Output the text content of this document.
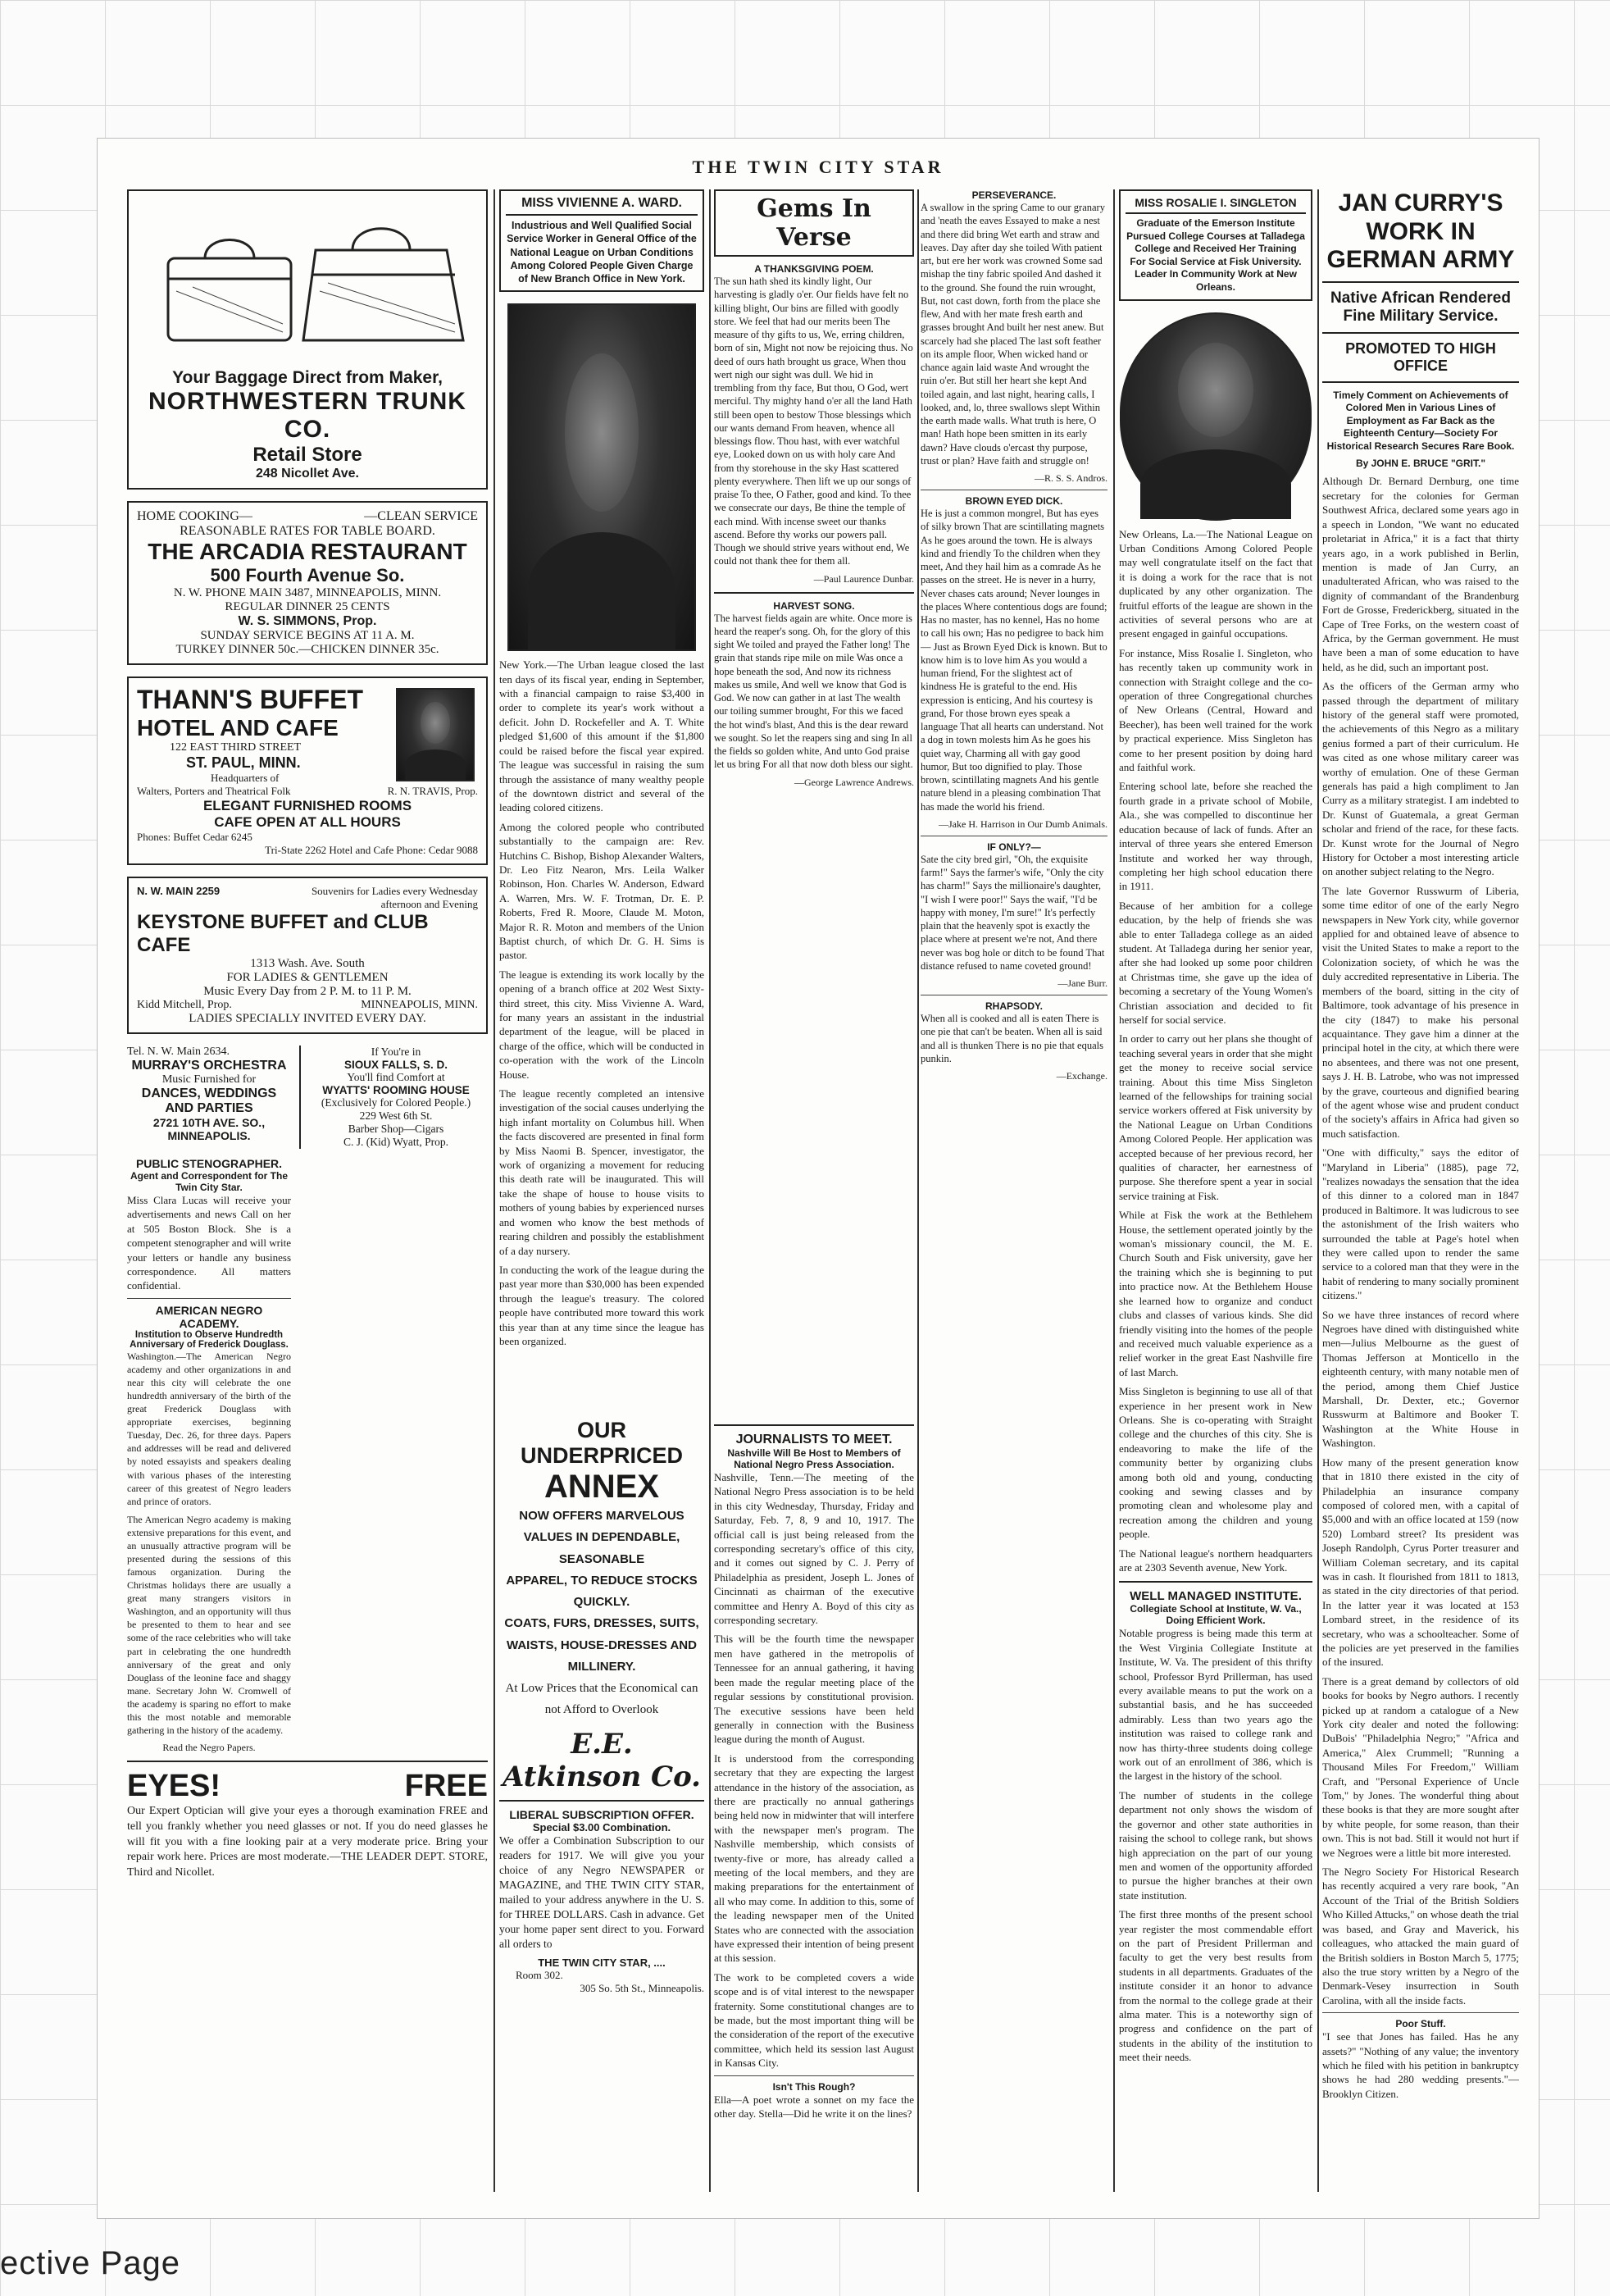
THE TWIN CITY STAR
Your Baggage Direct from Maker,
NORTHWESTERN TRUNK CO.
Retail Store
248 Nicollet Ave.
HOME COOKING—	—CLEAN SERVICE
REASONABLE RATES FOR TABLE BOARD.
THE ARCADIA RESTAURANT
500 Fourth Avenue So.
N. W. PHONE MAIN 3487, MINNEAPOLIS, MINN.
REGULAR DINNER 25 CENTS
W. S. SIMMONS, Prop.
SUNDAY SERVICE BEGINS AT 11 A. M.
TURKEY DINNER 50c.—CHICKEN DINNER 35c.
THANN'S BUFFET
HOTEL AND CAFE
122 EAST THIRD STREET
ST. PAUL, MINN.
Headquarters of
Walters, Porters and Theatrical Folk	R. N. TRAVIS, Prop.
ELEGANT FURNISHED ROOMS
CAFE OPEN AT ALL HOURS
Phones: Buffet Cedar 6245
Tri-State 2262 Hotel and Cafe Phone: Cedar 9088
N. W. MAIN 2259	Souvenirs for Ladies every Wednesday afternoon and Evening
KEYSTONE BUFFET and CLUB CAFE
1313 Wash. Ave. South
FOR LADIES & GENTLEMEN
Music Every Day from 2 P. M. to 11 P. M.
Kidd Mitchell, Prop.	MINNEAPOLIS, MINN.
LADIES SPECIALLY INVITED EVERY DAY.
Tel. N. W. Main 2634.
MURRAY'S ORCHESTRA
Music Furnished for
DANCES, WEDDINGS AND PARTIES
2721 10TH AVE. SO., MINNEAPOLIS.
If You're in
SIOUX FALLS, S. D.
You'll find Comfort at
WYATTS' ROOMING HOUSE
(Exclusively for Colored People.)
229 West 6th St.
Barber Shop—Cigars
C. J. (Kid) Wyatt, Prop.
PUBLIC STENOGRAPHER.
Agent and Correspondent for The Twin City Star.

Miss Clara Lucas will receive your advertisements and news Call on her at 505 Boston Block. She is a competent stenographer and will write your letters or handle any business correspondence. All matters confidential.

AMERICAN NEGRO ACADEMY.
Institution to Observe Hundredth Anniversary of Frederick Douglass.

Washington.—The American Negro academy and other organizations in and near this city will celebrate the one hundredth anniversary of the birth of the great Frederick Douglass with appropriate exercises, beginning Tuesday, Dec. 26, for three days. Papers and addresses will be read and delivered by noted essayists and speakers dealing with various phases of the interesting career of this greatest of Negro leaders and prince of orators.

The American Negro academy is making extensive preparations for this event, and an unusually attractive program will be presented during the sessions of this famous organization. During the Christmas holidays there are usually a great many strangers visitors in Washington, and an opportunity will thus be presented to them to hear and see some of the race celebrities who will take part in celebrating the one hundredth anniversary of the great and only Douglass of the leonine face and shaggy mane. Secretary John W. Cromwell of the academy is sparing no effort to make this the most notable and memorable gathering in the history of the academy.

Read the Negro Papers.
EYES!	FREE

Our Expert Optician will give your eyes a thorough examination FREE and tell you frankly whether you need glasses or not. If you do need glasses he will fit you with a fine looking pair at a very moderate price. Bring your repair work here. Prices are most moderate.—THE LEADER DEPT. STORE, Third and Nicollet.

MISS VIVIENNE A. WARD.
Industrious and Well Qualified Social Service Worker in General Office of the National League on Urban Conditions Among Colored People Given Charge of New Branch Office in New York.

New York.—The Urban league closed the last ten days of its fiscal year, ending in September, with a financial campaign to raise $3,400 in order to complete its year's work without a deficit. John D. Rockefeller and A. T. White pledged $1,600 of this amount if the $1,800 could be raised before the fiscal year expired. The league was successful in raising the sum through the assistance of many wealthy people of the downtown district and several of the leading colored citizens.

Among the colored people who contributed substantially to the campaign are: Rev. Hutchins C. Bishop, Bishop Alexander Walters, Dr. Leo Fitz Nearon, Mrs. Leila Walker Robinson, Hon. Charles W. Anderson, Edward A. Warren, Mrs. W. F. Trotman, Dr. E. P. Roberts, Fred R. Moore, Claude M. Moton, Major R. R. Moton and members of the Union Baptist church, of which Dr. G. H. Sims is pastor.

The league is extending its work locally by the opening of a branch office at 202 West Sixty-third street, this city. Miss Vivienne A. Ward, for many years an assistant in the industrial department of the league, will be placed in charge of the office, which will be conducted in co-operation with the work of the Lincoln House.

The league recently completed an intensive investigation of the social causes underlying the high infant mortality on Columbus hill. When the facts discovered are presented in final form by Miss Naomi B. Spencer, investigator, the work of organizing a movement for reducing this death rate will be inaugurated. This will take the shape of house to house visits to mothers of young babies by experienced nurses and women who know the best methods of rearing children and possibly the establishment of a day nursery.

In conducting the work of the league during the past year more than $30,000 has been expended through the league's treasury. The colored people have contributed more toward this work this year than at any time since the league has been organized.

JOURNALISTS TO MEET.
Nashville Will Be Host to Members of National Negro Press Association.

Nashville, Tenn.—The meeting of the National Negro Press association is to be held in this city Wednesday, Thursday, Friday and Saturday, Feb. 7, 8, 9 and 10, 1917. The official call is just being released from the corresponding secretary's office of this city, and it comes out signed by C. J. Perry of Philadelphia as president, Joseph L. Jones of Cincinnati as chairman of the executive committee and Henry A. Boyd of this city as corresponding secretary.

This will be the fourth time the newspaper men have gathered in the metropolis of Tennessee for an annual gathering, it having been made the regular meeting place of the regular sessions by constitutional provision. The executive sessions have been held generally in connection with the Business league during the month of August.

It is understood from the corresponding secretary that they are expecting the largest attendance in the history of the association, as there are practically no annual gatherings being held now in midwinter that will interfere with the newspaper men's program. The Nashville membership, which consists of twenty-five or more, has already called a meeting of the local members, and they are making preparations for the entertainment of all who may come. In addition to this, some of the leading newspaper men of the United States who are connected with the association have expressed their intention of being present at this session.

The work to be completed covers a wide scope and is of vital interest to the newspaper fraternity. Some constitutional changes are to be made, but the most important thing will be the consideration of the report of the executive committee, which held its session last August in Kansas City.

Isn't This Rough?

Ella—A poet wrote a sonnet on my face the other day. Stella—Did he write it on the lines?

OUR UNDERPRICED
ANNEX
NOW OFFERS MARVELOUS
VALUES IN DEPENDABLE, SEASONABLE
APPAREL, TO REDUCE STOCKS QUICKLY.
COATS, FURS, DRESSES, SUITS,
WAISTS, HOUSE-DRESSES AND MILLINERY.
At Low Prices that the Economical can not Afford to Overlook
E.E. Atkinson Co.
LIBERAL SUBSCRIPTION OFFER.
Special $3.00 Combination.

We offer a Combination Subscription to our readers for 1917. We will give you your choice of any Negro NEWSPAPER or MAGAZINE, and THE TWIN CITY STAR, mailed to your address anywhere in the U. S. for THREE DOLLARS. Cash in advance. Get your home paper sent direct to you. Forward all orders to

THE TWIN CITY STAR, ....
Room 302.
305 So. 5th St., Minneapolis.
Gems In Verse
A THANKSGIVING POEM.

The sun hath shed its kindly light, Our harvesting is gladly o'er. Our fields have felt no killing blight, Our bins are filled with goodly store. We feel that had our merits been The measure of thy gifts to us, We, erring children, born of sin, Might not now be rejoicing thus. No deed of ours hath brought us grace, When thou wert nigh our sight was dull. We hid in trembling from thy face, But thou, O God, wert merciful. Thy mighty hand o'er all the land Hath still been open to bestow Those blessings which our wants demand From heaven, whence all blessings flow. Thou hast, with ever watchful eye, Looked down on us with holy care And from thy storehouse in the sky Hast scattered plenty everywhere. Then lift we up our songs of praise To thee, O Father, good and kind. To thee we consecrate our days, Be thine the temple of each mind. With incense sweet our thanks ascend. Before thy works our powers pall. Though we should strive years without end, We could not thank thee for them all.

—Paul Laurence Dunbar.
HARVEST SONG.

The harvest fields again are white. Once more is heard the reaper's song. Oh, for the glory of this sight We toiled and prayed the Father long! The grain that stands ripe mile on mile Was once a hope beneath the sod, And now its richness makes us smile, And well we know that God is God. We now can gather in at last The wealth our toiling summer brought, For this we faced the hot wind's blast, And this is the dear reward we sought. So let the reapers sing and sing In all the fields so golden white, And unto God praise let us bring For all that now doth bless our sight.

—George Lawrence Andrews.
PERSEVERANCE.

A swallow in the spring Came to our granary and 'neath the eaves Essayed to make a nest and there did bring Wet earth and straw and leaves. Day after day she toiled With patient art, but ere her work was crowned Some sad mishap the tiny fabric spoiled And dashed it to the ground. She found the ruin wrought, But, not cast down, forth from the place she flew, And with her mate fresh earth and grasses brought And built her nest anew. But scarcely had she placed The last soft feather on its ample floor, When wicked hand or chance again laid waste And wrought the ruin o'er. But still her heart she kept And toiled again, and last night, hearing calls, I looked, and, lo, three swallows slept Within the earth made walls. What truth is here, O man! Hath hope been smitten in its early dawn? Have clouds o'ercast thy purpose, trust or plan? Have faith and struggle on!

—R. S. S. Andros.
BROWN EYED DICK.

He is just a common mongrel, But has eyes of silky brown That are scintillating magnets As he goes around the town. He is always kind and friendly To the children when they meet, And they hail him as a comrade As he passes on the street. He is never in a hurry, Never chases cats around; Never lounges in the places Where contentious dogs are found; Has no master, has no kennel, Has no home to call his own; Has no pedigree to back him— Just as Brown Eyed Dick is known. But to know him is to love him As you would a human friend, For the slightest act of kindness He is grateful to the end. His expression is enticing, And his courtesy is grand, For those brown eyes speak a language That all hearts can understand. Not a dog in town molests him As he goes his quiet way, Charming all with gay good humor, But too dignified to play. Those brown, scintillating magnets And his gentle nature blend in a pleasing combination That has made the world his friend.

—Jake H. Harrison in Our Dumb Animals.
IF ONLY?—

Sate the city bred girl, "Oh, the exquisite farm!" Says the farmer's wife, "Only the city has charm!" Says the millionaire's daughter, "I wish I were poor!" Says the waif, "I'd be happy with money, I'm sure!" It's perfectly plain that the heavenly spot is exactly the place where at present we're not, And there never was bog hole or ditch to be found That distance refused to name coveted ground!

—Jane Burr.
RHAPSODY.

When all is cooked and all is eaten There is one pie that can't be beaten. When all is said and all is thunken There is no pie that equals punkin.

—Exchange.
MISS ROSALIE I. SINGLETON
Graduate of the Emerson Institute Pursued College Courses at Talladega College and Received Her Training For Social Service at Fisk University. Leader In Community Work at New Orleans.

New Orleans, La.—The National League on Urban Conditions Among Colored People may well congratulate itself on the fact that it is doing a work for the race that is not duplicated by any other organization. The fruitful efforts of the league are shown in the activities of several persons who are at present engaged in gainful occupations.

For instance, Miss Rosalie I. Singleton, who has recently taken up community work in connection with Straight college and the co-operation of three Congregational churches of New Orleans (Central, Howard and Beecher), has been well trained for the work by practical experience. Miss Singleton has come to her present position by doing hard and faithful work.

Entering school late, before she reached the fourth grade in a private school of Mobile, Ala., she was compelled to discontinue her education because of lack of funds. After an interval of three years she entered Emerson Institute and worked her way through, completing her high school education there in 1911.

Because of her ambition for a college education, by the help of friends she was able to enter Talladega college as an aided student. At Talladega during her senior year, after she had looked up some poor children at Christmas time, she gave up the idea of becoming a secretary of the Young Women's Christian association and decided to fit herself for social service.

In order to carry out her plans she thought of teaching several years in order that she might get the money to receive social service training. About this time Miss Singleton learned of the fellowships for training social service workers offered at Fisk university by the National League on Urban Conditions Among Colored People. Her application was accepted because of her previous record, her qualities of character, her earnestness of purpose. She therefore spent a year in social service training at Fisk.

While at Fisk the work at the Bethlehem House, the settlement operated jointly by the woman's missionary council, the M. E. Church South and Fisk university, gave her the training which she is beginning to put into practice now. At the Bethlehem House she learned how to organize and conduct clubs and classes of various kinds. She did friendly visiting into the homes of the people and received much valuable experience as a relief worker in the great East Nashville fire of last March.

Miss Singleton is beginning to use all of that experience in her present work in New Orleans. She is co-operating with Straight college and the churches of this city. She is endeavoring to make the life of the community better by organizing clubs among both old and young, conducting cooking and sewing classes and by promoting clean and wholesome play and recreation among the children and young people.

The National league's northern headquarters are at 2303 Seventh avenue, New York.

WELL MANAGED INSTITUTE.
Collegiate School at Institute, W. Va., Doing Efficient Work.

Notable progress is being made this term at the West Virginia Collegiate Institute at Institute, W. Va. The president of this thrifty school, Professor Byrd Prillerman, has used every available means to put the work on a substantial basis, and he has succeeded admirably. Less than two years ago the institution was raised to college rank and now has thirty-three students doing college work out of an enrollment of 386, which is the largest in the history of the school.

The number of students in the college department not only shows the wisdom of the governor and other state authorities in raising the school to college rank, but shows high appreciation on the part of our young men and women of the opportunity afforded to pursue the higher branches at their own state institution.

The first three months of the present school year register the most commendable effort on the part of President Prillerman and faculty to get the very best results from students in all departments. Graduates of the institute consider it an honor to advance from the normal to the college grade at their alma mater. This is a noteworthy sign of progress and confidence on the part of students in the ability of the institution to meet their needs.

JAN CURRY'S WORK IN GERMAN ARMY
Native African Rendered Fine Military Service.
PROMOTED TO HIGH OFFICE
Timely Comment on Achievements of Colored Men in Various Lines of Employment as Far Back as the Eighteenth Century—Society For Historical Research Secures Rare Book.
By JOHN E. BRUCE "GRIT."

Although Dr. Bernard Dernburg, one time secretary for the colonies for German Southwest Africa, declared some years ago in a speech in London, "We want no educated proletariat in Africa," it is a fact that thirty years ago, in a work published in Berlin, mention is made of Jan Curry, an unadulterated African, who was raised to the dignity of commandant of the Brandenburg Fort de Grosse, Frederickberg, situated in the Cape of Tree Forks, on the western coast of Africa, by the German government. He must have been a man of some education to have held, as he did, such an important post.

As the officers of the German army who passed through the department of military history of the general staff were promoted, the achievements of this Negro as a military genius formed a part of their curriculum. He was cited as one whose military career was worthy of emulation. One of these German generals has paid a high compliment to Jan Curry as a military strategist. I am indebted to Dr. Kunst of Guatemala, a great German scholar and friend of the race, for these facts. Dr. Kunst wrote for the Journal of Negro History for October a most interesting article on another subject relating to the Negro.

The late Governor Russwurm of Liberia, some time editor of one of the early Negro newspapers in New York city, while governor applied for and obtained leave of absence to visit the United States to make a report to the Colonization society, of which he was the duly accredited representative in Liberia. The members of the board, sitting in the city of Baltimore, took advantage of his presence in the city (1847) to make his personal acquaintance. They gave him a dinner at the principal hotel in the city, at which there were no absentees, and there was not one present, says J. H. B. Latrobe, who was not impressed by the grave, courteous and dignified bearing of the agent whose wise and prudent conduct of the society's affairs in Africa had given so much satisfaction.

"One with difficulty," says the editor of "Maryland in Liberia" (1885), page 72, "realizes nowadays the sensation that the idea of this dinner to a colored man in 1847 produced in Baltimore. It was ludicrous to see the astonishment of the Irish waiters who surrounded the table at Page's hotel when they were called upon to render the same service to a colored man that they were in the habit of rendering to many socially prominent citizens."

So we have three instances of record where Negroes have dined with distinguished white men—Julius Melbourne as the guest of Thomas Jefferson at Monticello in the eighteenth century, with many notable men of the period, among them Chief Justice Marshall, Dr. Dexter, etc.; Governor Russwurm at Baltimore and Booker T. Washington at the White House in Washington.

How many of the present generation know that in 1810 there existed in the city of Philadelphia an insurance company composed of colored men, with a capital of $5,000 and with an office located at 159 (now 520) Lombard street? Its president was Joseph Randolph, Cyrus Porter treasurer and William Coleman secretary, and its capital was in cash. It flourished from 1811 to 1813, as stated in the city directories of that period. In the latter year it was located at 153 Lombard street, in the residence of its secretary, who was a schoolteacher. Some of the policies are yet preserved in the families of the insured.

There is a great demand by collectors of old books for books by Negro authors. I recently picked up at random a catalogue of a New York city dealer and noted the following: DuBois' "Philadelphia Negro;" "Africa and America," Alex Crummell; "Running a Thousand Miles For Freedom," William Craft, and "Personal Experience of Uncle Tom," by Jones. The wonderful thing about these books is that they are more sought after by white people, for some reason, than their own. This is not bad. Still it would not hurt if we Negroes were a little bit more interested.

The Negro Society For Historical Research has recently acquired a very rare book, "An Account of the Trial of the British Soldiers Who Killed Attucks," on whose death the trial was based, and Gray and Maverick, his colleagues, who attacked the main guard of the British soldiers in Boston March 5, 1775; also the true story written by a Negro of the Denmark-Vesey insurrection in South Carolina, with all the inside facts.

Poor Stuff.

"I see that Jones has failed. Has he any assets?" "Nothing of any value; the inventory which he filed with his petition in bankruptcy shows he had 280 wedding presents."—Brooklyn Citizen.

ective Page
